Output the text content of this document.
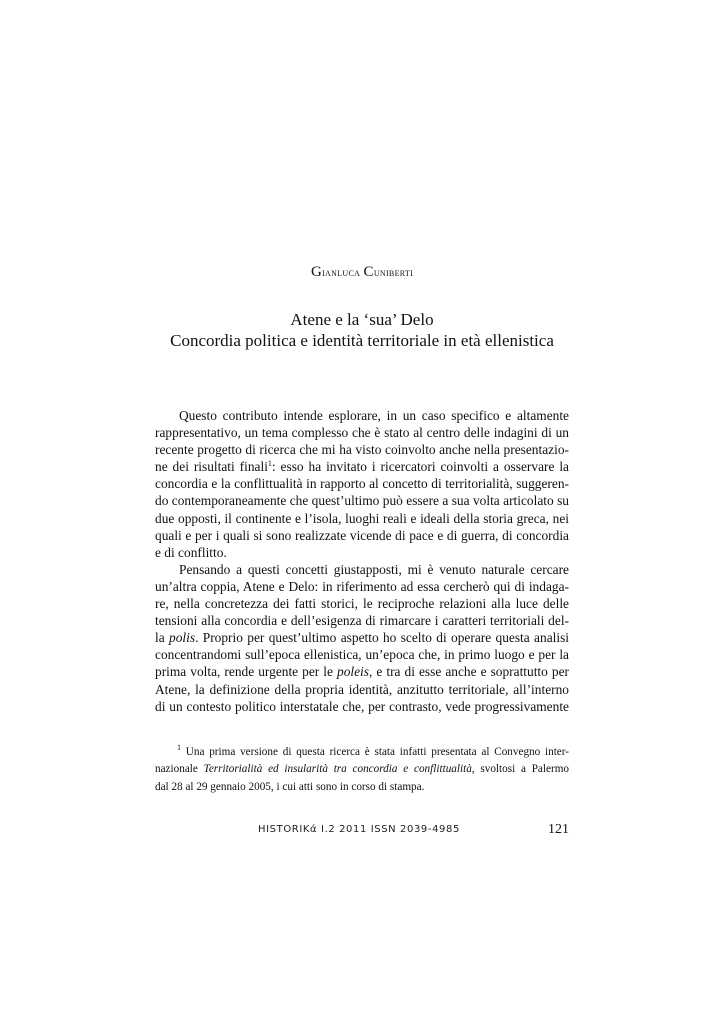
Gianluca Cuniberti
Atene e la ‘sua’ Delo
Concordia politica e identità territoriale in età ellenistica
Questo contributo intende esplorare, in un caso specifico e altamente
rappresentativo, un tema complesso che è stato al centro delle indagini di un
recente progetto di ricerca che mi ha visto coinvolto anche nella presentazio-
ne dei risultati finali$^1$: esso ha invitato i ricercatori coinvolti a osservare la
concordia e la conflittualità in rapporto al concetto di territorialità, suggeren-
do contemporaneamente che quest’ultimo può essere a sua volta articolato su
due opposti, il continente e l’isola, luoghi reali e ideali della storia greca, nei
quali e per i quali si sono realizzate vicende di pace e di guerra, di concordia
e di conflitto.
Pensando a questi concetti giustapposti, mi è venuto naturale cercare
un’altra coppia, Atene e Delo: in riferimento ad essa cercherò qui di indaga-
re, nella concretezza dei fatti storici, le reciproche relazioni alla luce delle
tensioni alla concordia e dell’esigenza di rimarcare i caratteri territoriali del-
la polis. Proprio per quest’ultimo aspetto ho scelto di operare questa analisi
concentrandomi sull’epoca ellenistica, un’epoca che, in primo luogo e per la
prima volta, rende urgente per le poleis, e tra di esse anche e soprattutto per
Atene, la definizione della propria identità, anzitutto territoriale, all’interno
di un contesto politico interstatale che, per contrasto, vede progressivamente
$^1$ Una prima versione di questa ricerca è stata infatti presentata al Convegno inter-
nazionale Territorialità ed insularità tra concordia e conflittualità, svoltosi a Palermo
dal 28 al 29 gennaio 2005, i cui atti sono in corso di stampa.
HISTORIKά I.2 2011 ISSN 2039-4985	121
